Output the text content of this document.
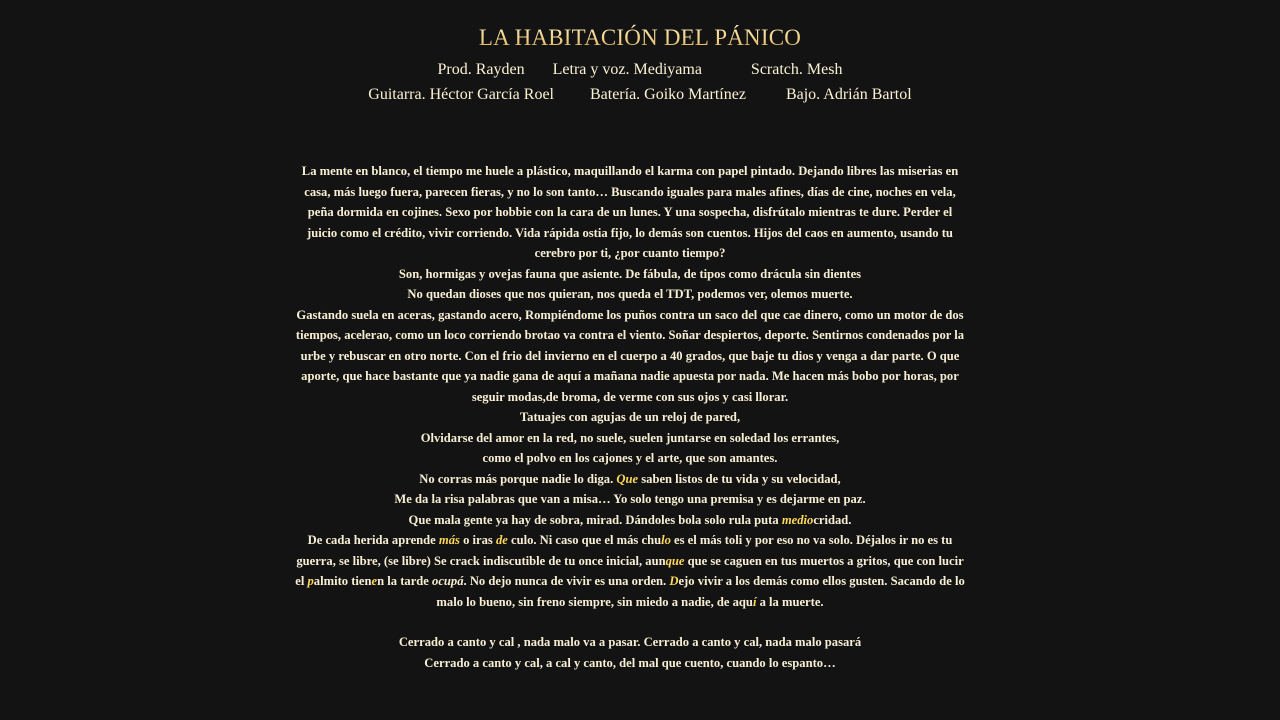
LA HABITACIÓN DEL PÁNICO
Prod. Rayden Letra y voz. Mediyama	Scratch. Mesh
Guitarra. Héctor García Roel Batería. Goiko Martínez	Bajo. Adrián Bartol

La mente en blanco, el tiempo me huele a plástico, maquillando el karma con papel pintado. Dejando libres las miserias en casa, más luego fuera, parecen fieras, y no lo son tanto… Buscando iguales para males afines, días de cine, noches en vela, peña dormida en cojines. Sexo por hobbie con la cara de un lunes. Y una sospecha, disfrútalo mientras te dure. Perder el juicio como el crédito, vivir corriendo. Vida rápida ostia fijo, lo demás son cuentos. Hijos del caos en aumento, usando tu cerebro por ti, ¿por cuanto tiempo?

Son, hormigas y ovejas fauna que asiente. De fábula, de tipos como drácula sin dientes

No quedan dioses que nos quieran, nos queda el TDT, podemos ver, olemos muerte.

Gastando suela en aceras, gastando acero, Rompiéndome los puños contra un saco del que cae dinero, como un motor de dos tiempos, acelerao, como un loco corriendo brotao va contra el viento. Soñar despiertos, deporte. Sentirnos condenados por la urbe y rebuscar en otro norte. Con el frio del invierno en el cuerpo a 40 grados, que baje tu dios y venga a dar parte. O que aporte, que hace bastante que ya nadie gana de aquí a mañana nadie apuesta por nada. Me hacen más bobo por horas, por seguir modas,de broma, de verme con sus ojos y casi llorar.

Tatuajes con agujas de un reloj de pared,

Olvidarse del amor en la red, no suele, suelen juntarse en soledad los errantes,

como el polvo en los cajones y el arte, que son amantes.

No corras más porque nadie lo diga. Que saben listos de tu vida y su velocidad,

Me da la risa palabras que van a misa… Yo solo tengo una premisa y es dejarme en paz.

Que mala gente ya hay de sobra, mirad. Dándoles bola solo rula puta mediocridad.

De cada herida aprende más o iras de culo. Ni caso que el más chulo es el más toli y por eso no va solo. Déjalos ir no es tu guerra, se libre, (se libre) Se crack indiscutible de tu once inicial, aunque que se caguen en tus muertos a gritos, que con lucir el palmito tienen la tarde ocupá. No dejo nunca de vivir es una orden. Dejo vivir a los demás como ellos gusten. Sacando de lo malo lo bueno, sin freno siempre, sin miedo a nadie, de aquí a la muerte.

Cerrado a canto y cal , nada malo va a pasar. Cerrado a canto y cal, nada malo pasará

Cerrado a canto y cal, a cal y canto, del mal que cuento, cuando lo espanto…
